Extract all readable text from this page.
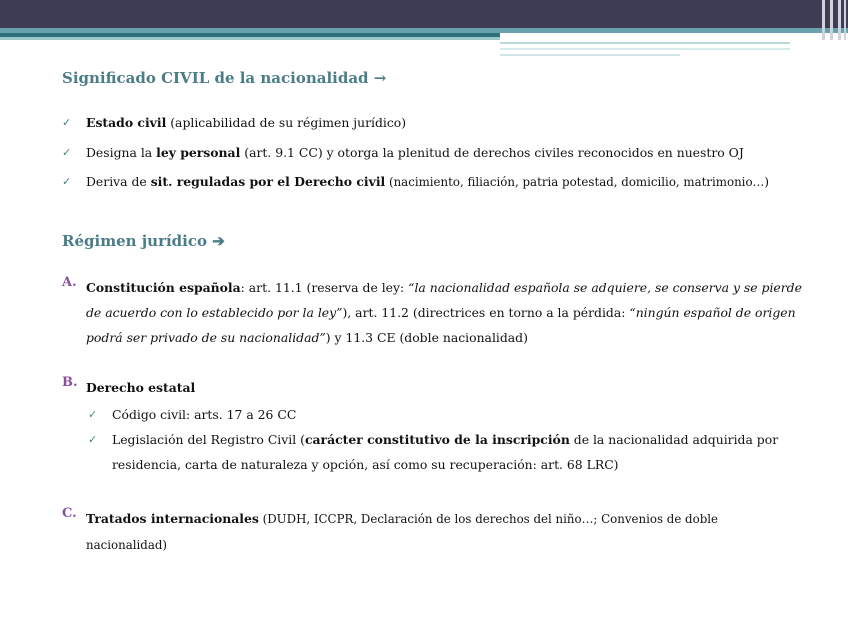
Significado CIVIL de la nacionalidad →
✓ Estado civil (aplicabilidad de su régimen jurídico)
✓ Designa la ley personal (art. 9.1 CC) y otorga la plenitud de derechos civiles reconocidos en nuestro OJ
✓ Deriva de sit. reguladas por el Derecho civil (nacimiento, filiación, patria potestad, domicilio, matrimonio…)
Régimen jurídico ➔
A. Constitución española: art. 11.1 (reserva de ley: “la nacionalidad española se adquiere, se conserva y se pierde de acuerdo con lo establecido por la ley”), art. 11.2 (directrices en torno a la pérdida: “ningún español de origen podrá ser privado de su nacionalidad”) y 11.3 CE (doble nacionalidad)
B. Derecho estatal
✓ Código civil: arts. 17 a 26 CC
✓ Legislación del Registro Civil (carácter constitutivo de la inscripción de la nacionalidad adquirida por residencia, carta de naturaleza y opción, así como su recuperación: art. 68 LRC)
C. Tratados internacionales (DUDH, ICCPR, Declaración de los derechos del niño…; Convenios de doble nacionalidad)
